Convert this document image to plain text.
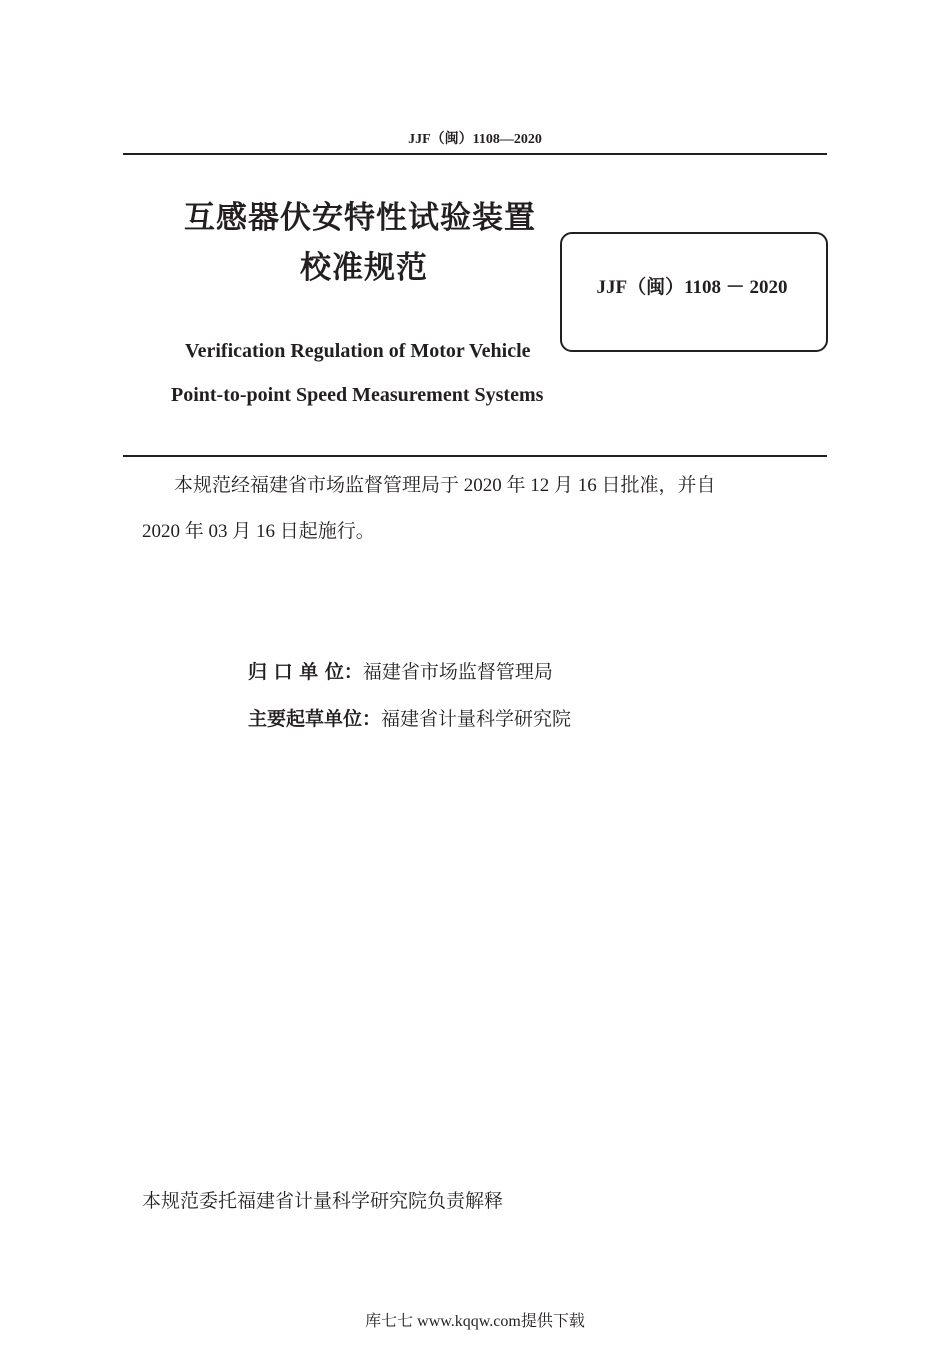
JJF（闽）1108—2020
互感器伏安特性试验装置
校准规范
JJF（闽）1108 － 2020
Verification Regulation of Motor Vehicle
Point-to-point Speed Measurement Systems
本规范经福建省市场监督管理局于 2020 年 12 月 16 日批准，并自
2020 年 03 月 16 日起施行。
归 口 单 位：福建省市场监督管理局
主要起草单位：福建省计量科学研究院
本规范委托福建省计量科学研究院负责解释
库七七 www.kqqw.com提供下载
